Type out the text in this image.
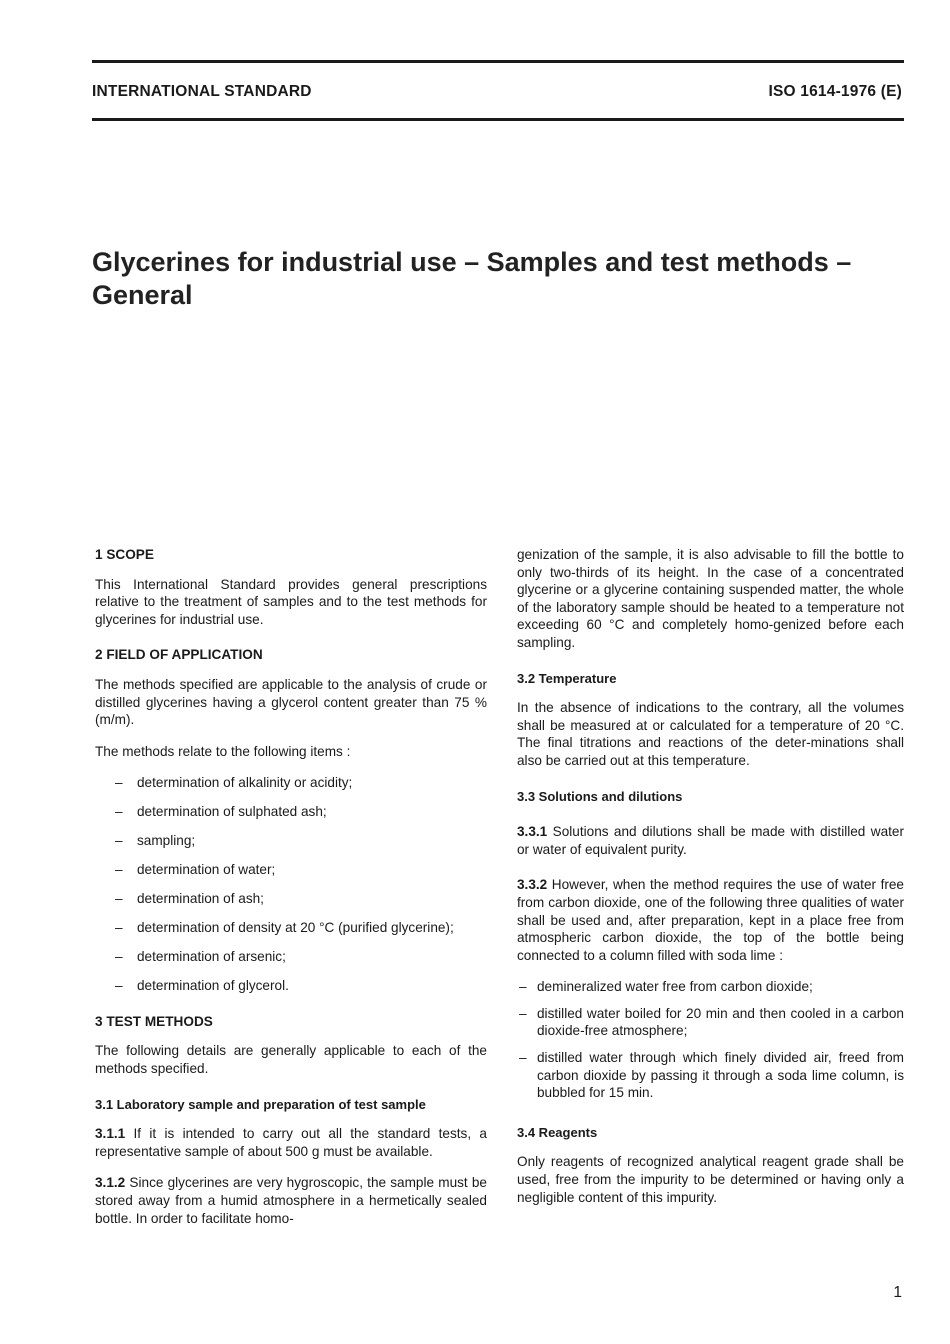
INTERNATIONAL STANDARD	ISO 1614-1976 (E)
Glycerines for industrial use – Samples and test methods –
General
1 SCOPE
This International Standard provides general prescriptions relative to the treatment of samples and to the test methods for glycerines for industrial use.
2 FIELD OF APPLICATION
The methods specified are applicable to the analysis of crude or distilled glycerines having a glycerol content greater than 75 % (m/m).
The methods relate to the following items :
– determination of alkalinity or acidity;
– determination of sulphated ash;
– sampling;
– determination of water;
– determination of ash;
– determination of density at 20 °C (purified glycerine);
– determination of arsenic;
– determination of glycerol.
3 TEST METHODS
The following details are generally applicable to each of the methods specified.
3.1 Laboratory sample and preparation of test sample
3.1.1 If it is intended to carry out all the standard tests, a representative sample of about 500 g must be available.
3.1.2 Since glycerines are very hygroscopic, the sample must be stored away from a humid atmosphere in a hermetically sealed bottle. In order to facilitate homo-
genization of the sample, it is also advisable to fill the bottle to only two-thirds of its height. In the case of a concentrated glycerine or a glycerine containing suspended matter, the whole of the laboratory sample should be heated to a temperature not exceeding 60 °C and completely homo-genized before each sampling.
3.2 Temperature
In the absence of indications to the contrary, all the volumes shall be measured at or calculated for a temperature of 20 °C. The final titrations and reactions of the deter-minations shall also be carried out at this temperature.
3.3 Solutions and dilutions
3.3.1 Solutions and dilutions shall be made with distilled water or water of equivalent purity.
3.3.2 However, when the method requires the use of water free from carbon dioxide, one of the following three qualities of water shall be used and, after preparation, kept in a place free from atmospheric carbon dioxide, the top of the bottle being connected to a column filled with soda lime :
– demineralized water free from carbon dioxide;
– distilled water boiled for 20 min and then cooled in a carbon dioxide-free atmosphere;
– distilled water through which finely divided air, freed from carbon dioxide by passing it through a soda lime column, is bubbled for 15 min.
3.4 Reagents
Only reagents of recognized analytical reagent grade shall be used, free from the impurity to be determined or having only a negligible content of this impurity.
1
